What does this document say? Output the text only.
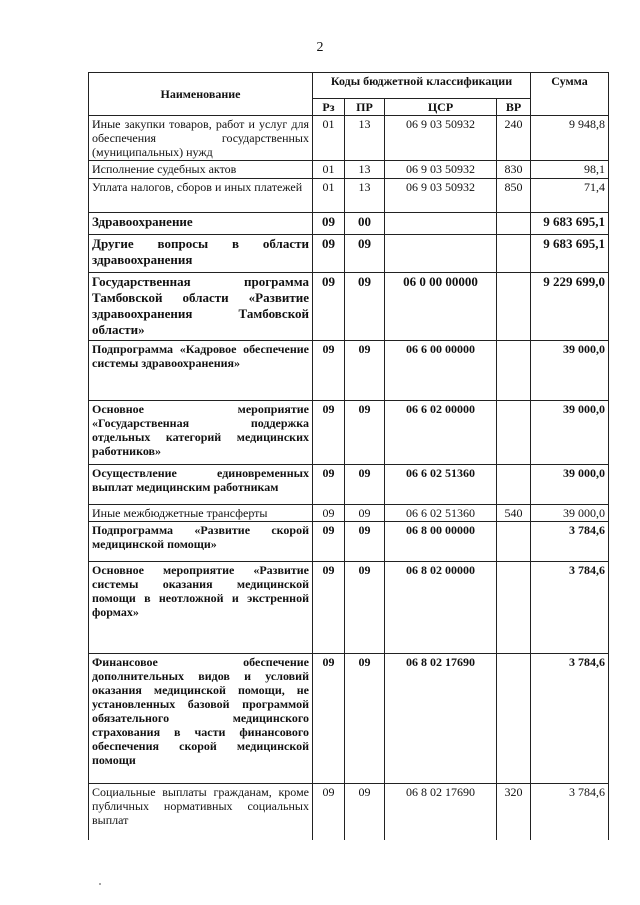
2
Наименование	Коды бюджетной классификации				Сумма
	Рз	ПР	ЦСР	ВР	
Иные закупки товаров, работ и услуг для обеспечения государственных (муниципальных) нужд	01	13	06 9 03 50932	240	9 948,8
Исполнение судебных актов	01	13	06 9 03 50932	830	98,1
Уплата налогов, сборов и иных платежей	01	13	06 9 03 50932	850	71,4
Здравоохранение	09	00			9 683 695,1
Другие вопросы в области здравоохранения	09	09			9 683 695,1
Государственная программа Тамбовской области «Развитие здравоохранения Тамбовской области»	09	09	06 0 00 00000		9 229 699,0
Подпрограмма «Кадровое обеспечение системы здравоохранения»	09	09	06 6 00 00000		39 000,0
Основное мероприятие «Государственная поддержка отдельных категорий медицинских работников»	09	09	06 6 02 00000		39 000,0
Осуществление единовременных выплат медицинским работникам	09	09	06 6 02 51360		39 000,0
Иные межбюджетные трансферты	09	09	06 6 02 51360	540	39 000,0
Подпрограмма «Развитие скорой медицинской помощи»	09	09	06 8 00 00000		3 784,6
Основное мероприятие «Развитие системы оказания медицинской помощи в неотложной и экстренной формах»	09	09	06 8 02 00000		3 784,6
Финансовое обеспечение дополнительных видов и условий оказания медицинской помощи, не установленных базовой программой обязательного медицинского страхования в части финансового обеспечения скорой медицинской помощи	09	09	06 8 02 17690		3 784,6
Социальные выплаты гражданам, кроме публичных нормативных социальных выплат	09	09	06 8 02 17690	320	3 784,6
